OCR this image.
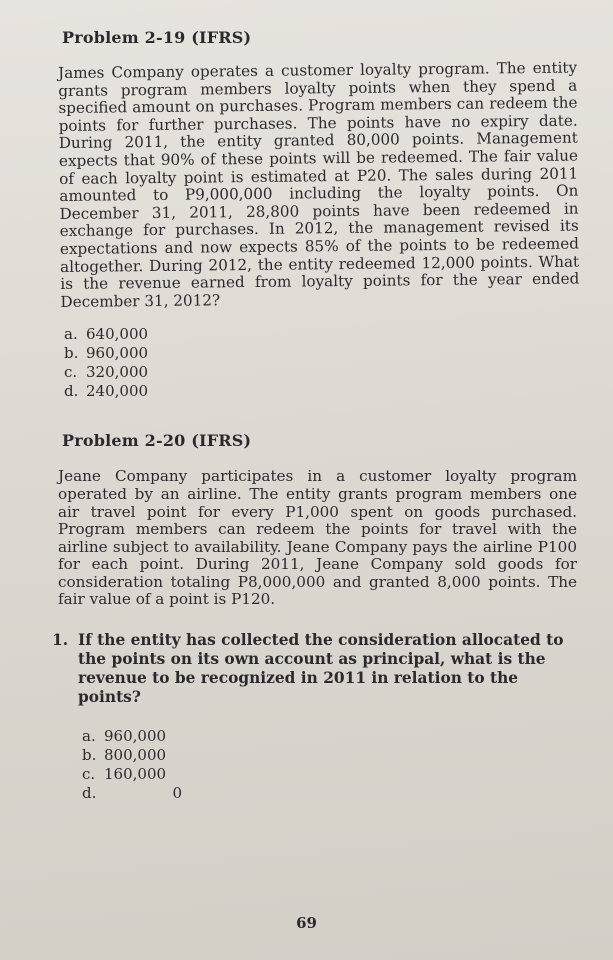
Problem 2-19 (IFRS)

James Company operates a customer loyalty program. The entity grants program members loyalty points when they spend a specified amount on purchases. Program members can redeem the points for further purchases. The points have no expiry date. During 2011, the entity granted 80,000 points. Management expects that 90% of these points will be redeemed. The fair value of each loyalty point is estimated at P20. The sales during 2011 amounted to P9,000,000 including the loyalty points. On December 31, 2011, 28,800 points have been redeemed in exchange for purchases. In 2012, the management revised its expectations and now expects 85% of the points to be redeemed altogether. During 2012, the entity redeemed 12,000 points. What is the revenue earned from loyalty points for the year ended December 31, 2012?

a. 640,000
b. 960,000
c. 320,000
d. 240,000
Problem 2-20 (IFRS)

Jeane Company participates in a customer loyalty program operated by an airline. The entity grants program members one air travel point for every P1,000 spent on goods purchased. Program members can redeem the points for travel with the airline subject to availability. Jeane Company pays the airline P100 for each point. During 2011, Jeane Company sold goods for consideration totaling P8,000,000 and granted 8,000 points. The fair value of a point is P120.

1. If the entity has collected the consideration allocated to the points on its own account as principal, what is the revenue to be recognized in 2011 in relation to the points?
a. 960,000
b. 800,000
c. 160,000
d.	0
69
